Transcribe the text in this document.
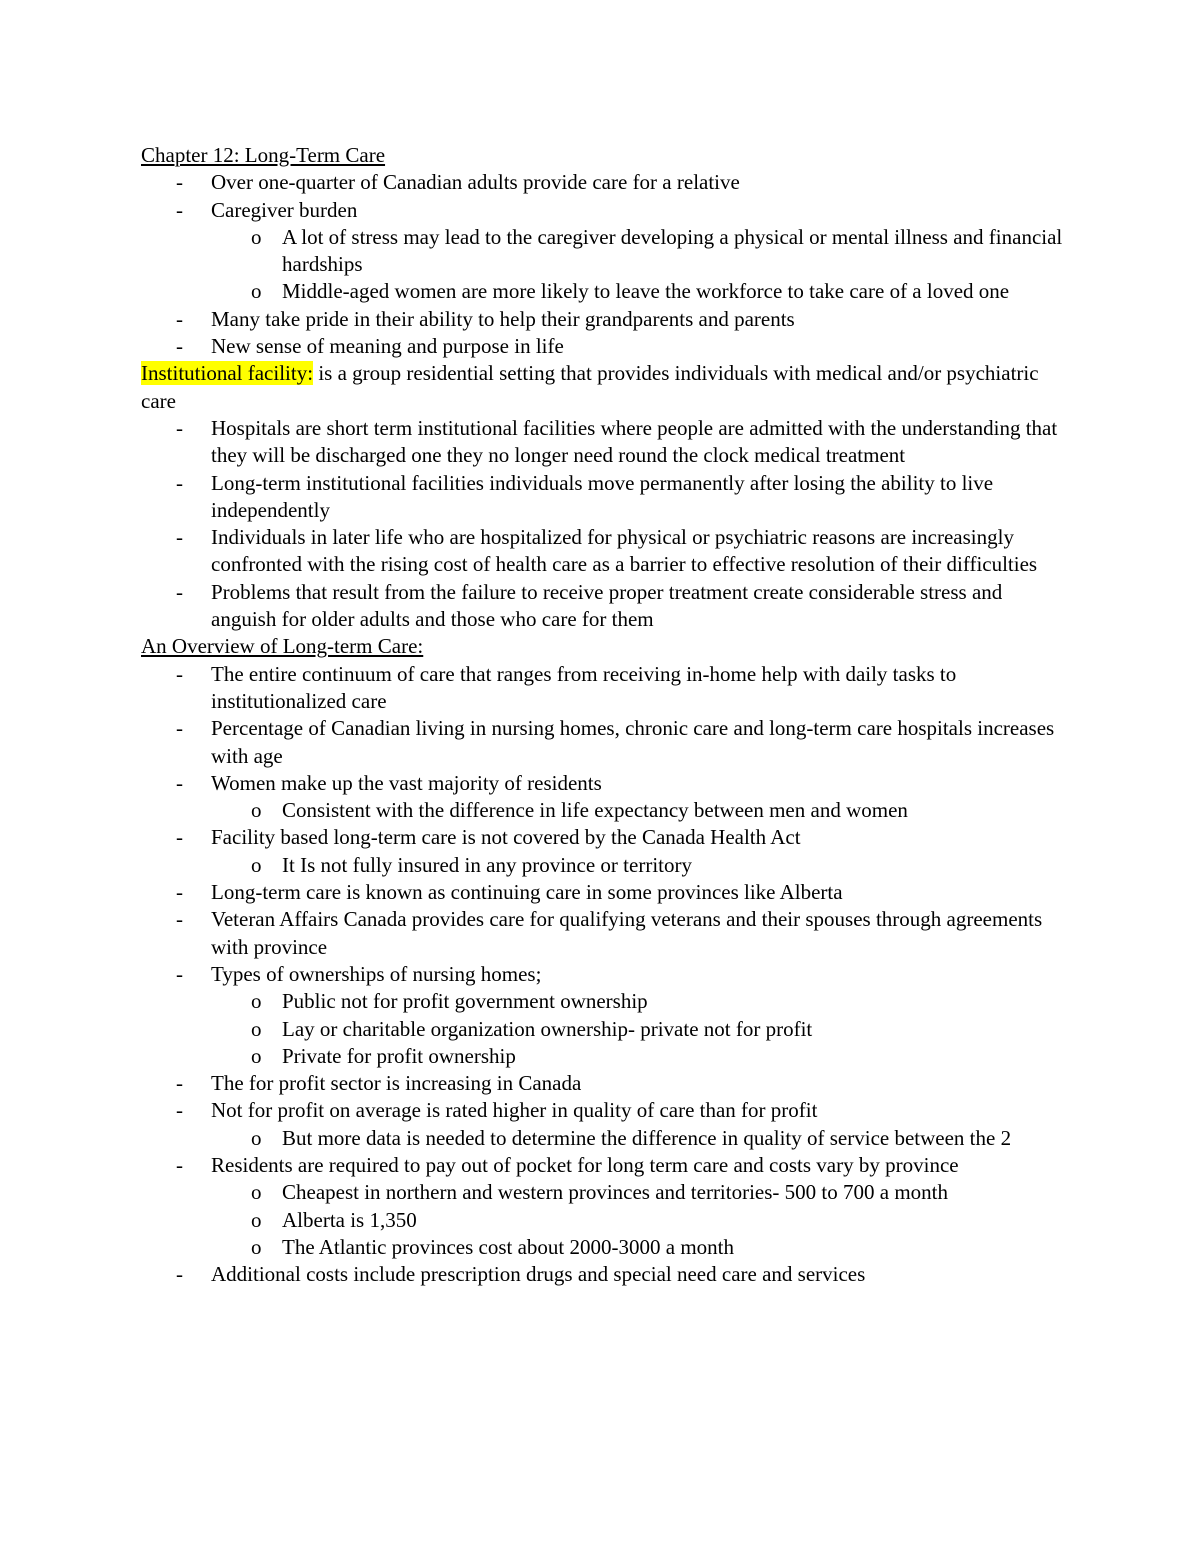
Chapter 12: Long-Term Care
- Over one-quarter of Canadian adults provide care for a relative
- Caregiver burden
o A lot of stress may lead to the caregiver developing a physical or mental illness and financial hardships
o Middle-aged women are more likely to leave the workforce to take care of a loved one
- Many take pride in their ability to help their grandparents and parents
- New sense of meaning and purpose in life
Institutional facility: is a group residential setting that provides individuals with medical and/or psychiatric care
- Hospitals are short term institutional facilities where people are admitted with the understanding that they will be discharged one they no longer need round the clock medical treatment
- Long-term institutional facilities individuals move permanently after losing the ability to live independently
- Individuals in later life who are hospitalized for physical or psychiatric reasons are increasingly confronted with the rising cost of health care as a barrier to effective resolution of their difficulties
- Problems that result from the failure to receive proper treatment create considerable stress and anguish for older adults and those who care for them
An Overview of Long-term Care:
- The entire continuum of care that ranges from receiving in-home help with daily tasks to institutionalized care
- Percentage of Canadian living in nursing homes, chronic care and long-term care hospitals increases with age
- Women make up the vast majority of residents
o Consistent with the difference in life expectancy between men and women
- Facility based long-term care is not covered by the Canada Health Act
o It Is not fully insured in any province or territory
- Long-term care is known as continuing care in some provinces like Alberta
- Veteran Affairs Canada provides care for qualifying veterans and their spouses through agreements with province
- Types of ownerships of nursing homes;
o Public not for profit government ownership
o Lay or charitable organization ownership- private not for profit
o Private for profit ownership
- The for profit sector is increasing in Canada
- Not for profit on average is rated higher in quality of care than for profit
o But more data is needed to determine the difference in quality of service between the 2
- Residents are required to pay out of pocket for long term care and costs vary by province
o Cheapest in northern and western provinces and territories- 500 to 700 a month
o Alberta is 1,350
o The Atlantic provinces cost about 2000-3000 a month
- Additional costs include prescription drugs and special need care and services
